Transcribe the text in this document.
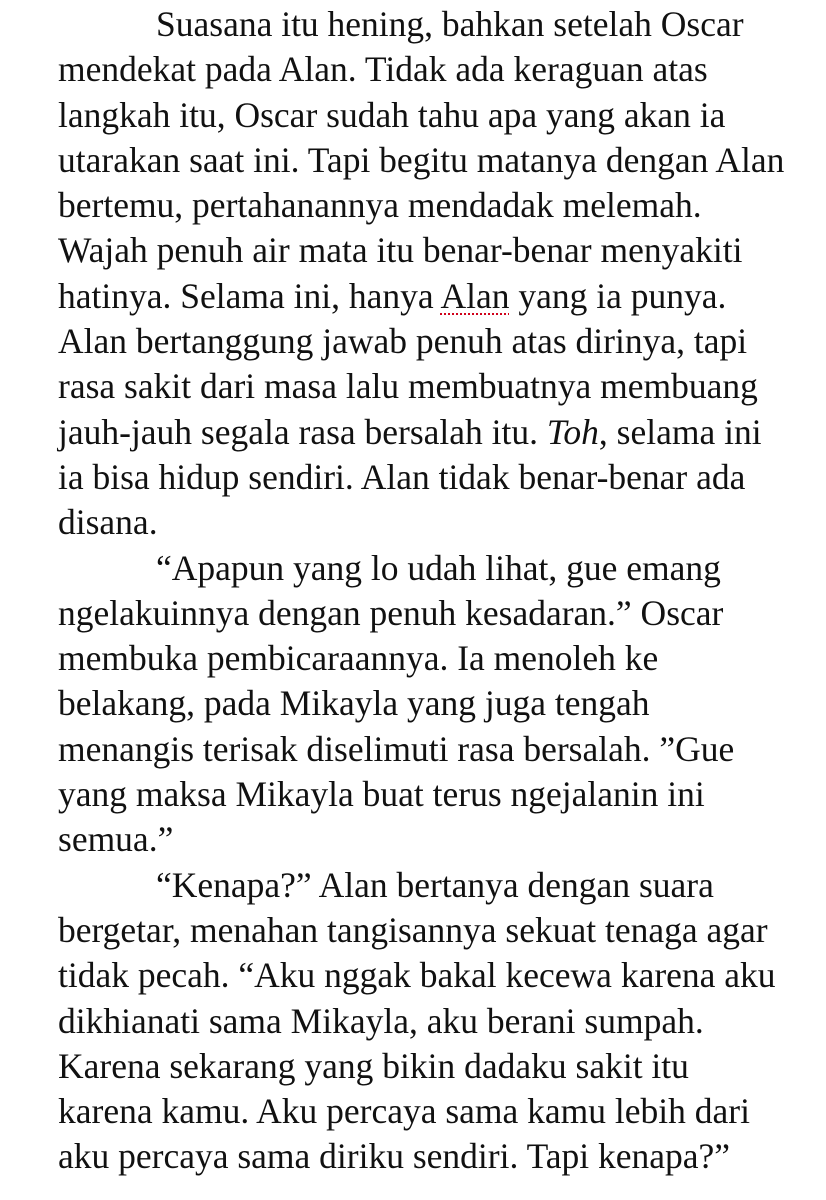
Suasana itu hening, bahkan setelah Oscar
mendekat pada Alan. Tidak ada keraguan atas
langkah itu, Oscar sudah tahu apa yang akan ia
utarakan saat ini. Tapi begitu matanya dengan Alan
bertemu, pertahanannya mendadak melemah.
Wajah penuh air mata itu benar-benar menyakiti
hatinya. Selama ini, hanya Alan yang ia punya.
Alan bertanggung jawab penuh atas dirinya, tapi
rasa sakit dari masa lalu membuatnya membuang
jauh-jauh segala rasa bersalah itu. Toh, selama ini
ia bisa hidup sendiri. Alan tidak benar-benar ada
disana.
“Apapun yang lo udah lihat, gue emang
ngelakuinnya dengan penuh kesadaran.” Oscar
membuka pembicaraannya. Ia menoleh ke
belakang, pada Mikayla yang juga tengah
menangis terisak diselimuti rasa bersalah. ”Gue
yang maksa Mikayla buat terus ngejalanin ini
semua.”
“Kenapa?” Alan bertanya dengan suara
bergetar, menahan tangisannya sekuat tenaga agar
tidak pecah. “Aku nggak bakal kecewa karena aku
dikhianati sama Mikayla, aku berani sumpah.
Karena sekarang yang bikin dadaku sakit itu
karena kamu. Aku percaya sama kamu lebih dari
aku percaya sama diriku sendiri. Tapi kenapa?”
